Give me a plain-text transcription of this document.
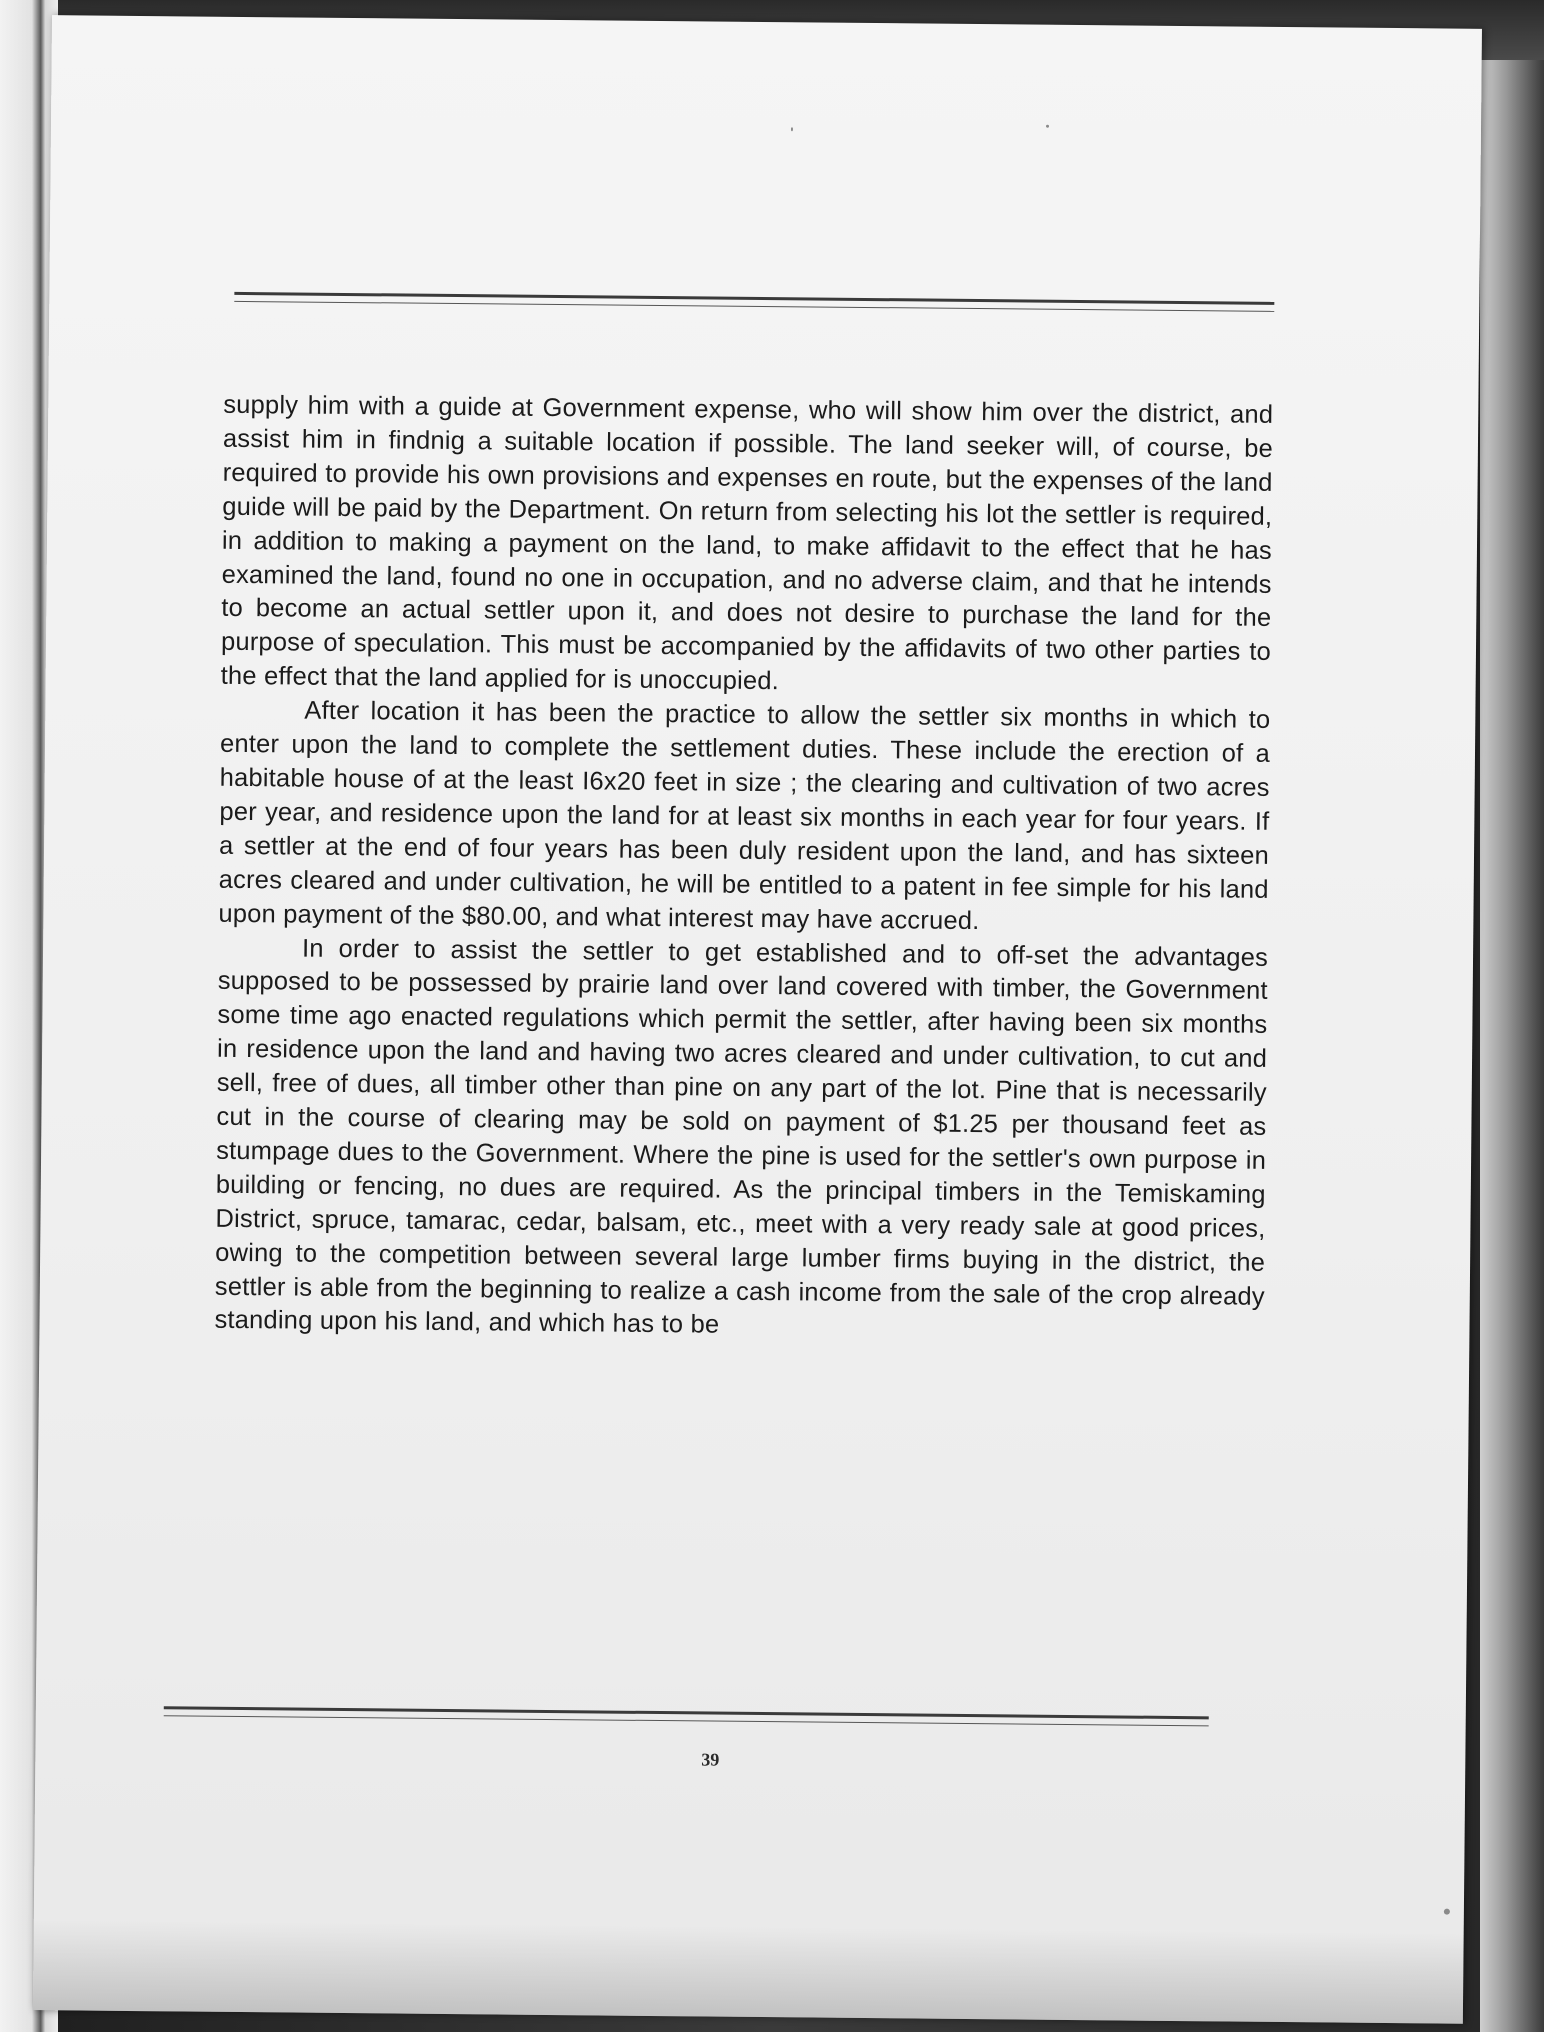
supply him with a guide at Government expense, who will show him over the district, and assist him in findnig a suitable location if possible. The land seeker will, of course, be required to provide his own provisions and expenses en route, but the expenses of the land guide will be paid by the Department. On return from selecting his lot the settler is required, in addition to making a payment on the land, to make affidavit to the effect that he has examined the land, found no one in occupation, and no adverse claim, and that he intends to become an actual settler upon it, and does not desire to purchase the land for the purpose of speculation. This must be accompanied by the affidavits of two other parties to the effect that the land applied for is unoccupied.

After location it has been the practice to allow the settler six months in which to enter upon the land to complete the settlement duties. These include the erection of a habitable house of at the least I6x20 feet in size ; the clearing and cultivation of two acres per year, and residence upon the land for at least six months in each year for four years. If a settler at the end of four years has been duly resident upon the land, and has sixteen acres cleared and under cultivation, he will be entitled to a patent in fee simple for his land upon payment of the $80.00, and what interest may have accrued.

In order to assist the settler to get established and to off-set the advantages supposed to be possessed by prairie land over land covered with timber, the Government some time ago enacted regulations which permit the settler, after having been six months in residence upon the land and having two acres cleared and under cultivation, to cut and sell, free of dues, all timber other than pine on any part of the lot. Pine that is necessarily cut in the course of clearing may be sold on payment of $1.25 per thousand feet as stumpage dues to the Government. Where the pine is used for the settler's own purpose in building or fencing, no dues are required. As the principal timbers in the Temiskaming District, spruce, tamarac, cedar, balsam, etc., meet with a very ready sale at good prices, owing to the competition between several large lumber firms buying in the district, the settler is able from the beginning to realize a cash income from the sale of the crop already standing upon his land, and which has to be

39
